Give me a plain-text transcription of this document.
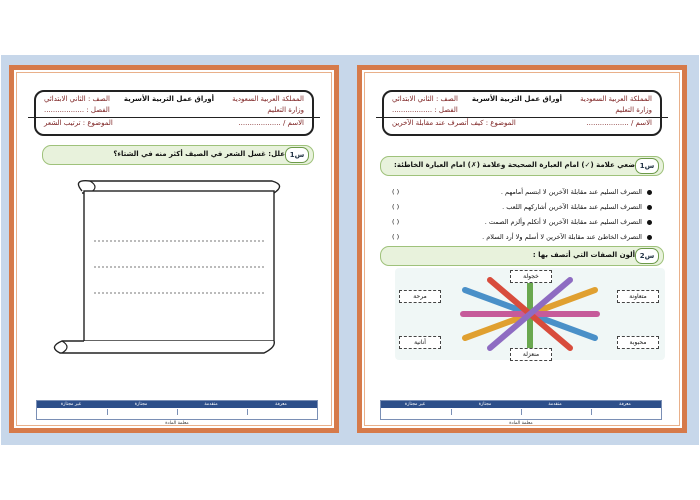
المملكة العربية السعودية
أوراق عمل التربية الأسرية
الصف : الثاني الابتدائي
وزارة التعليم
الفصل : ..................
الاسم / ...................
الموضوع : ترتيب الشعر
س1
علل: غسل الشعر في الصيف أكثر منه في الشتاء؟
غير مجتازة	مجتازة	متقدمة	معرفة
معلمة المادة
المملكة العربية السعودية
أوراق عمل التربية الأسرية
الصف : الثاني الابتدائي
وزارة التعليم
الفصل : ..................
الاسم / ...................
الموضوع : كيف أتصرف عند مقابلة الآخرين
س1
ضعي علامة (✓) امام العبارة الصحيحة وعلامة (✗) امام العبارة الخاطئة:
التصرف السليم عند مقابلة الآخرين لا ابتسم أمامهم .
( )
التصرف السليم عند مقابلة الآخرين أشاركهم اللعب .
( )
التصرف السليم عند مقابلة الآخرين لا أتكلم وألزم الصمت .
( )
التصرف الخاطئ عند مقابلة الآخرين لا أسلم ولا أرد السلام .
( )
س2
ألون الصفات التي أتصف بها :
غير مجتازة	مجتازة	متقدمة	معرفة
معلمة المادة
خجولة
مرحة	متعاونة
أنانية	محبوبة
منعزلة
